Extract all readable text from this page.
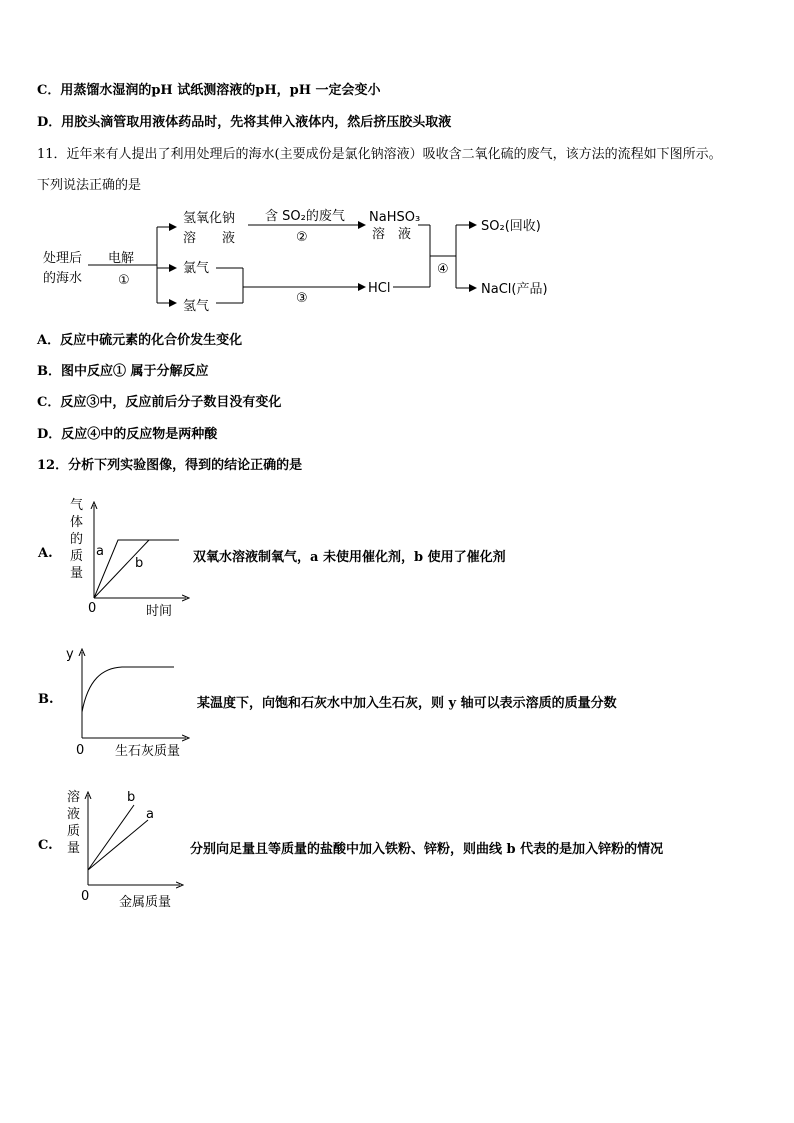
C．用蒸馏水湿润的pH 试纸测溶液的pH，pH 一定会变小
D．用胶头滴管取用液体药品时，先将其伸入液体内，然后挤压胶头取液
11．近年来有人提出了利用处理后的海水(主要成份是氯化钠溶液）吸收含二氧化硫的废气，该方法的流程如下图所示。
下列说法正确的是
处理后
的海水
电解
①
氢氧化钠
溶　　液
含 SO₂的废气
②
氯气
氢气
③
NaHSO₃
溶　液
HCl
④
SO₂(回收)
NaCl(产品)
A．反应中硫元素的化合价发生变化
B．图中反应① 属于分解反应
C．反应③中，反应前后分子数目没有变化
D．反应④中的反应物是两种酸
12．分析下列实验图像，得到的结论正确的是
A.
气
体
的
质
量
0	时间
a
b	双氧水溶液制氧气，a 未使用催化剂，b 使用了催化剂
B.
y
0 生石灰质量
某温度下，向饱和石灰水中加入生石灰，则 y 轴可以表示溶质的质量分数
C.
溶
液
质
量
0 金属质量
b
a
分别向足量且等质量的盐酸中加入铁粉、锌粉，则曲线 b 代表的是加入锌粉的情况
